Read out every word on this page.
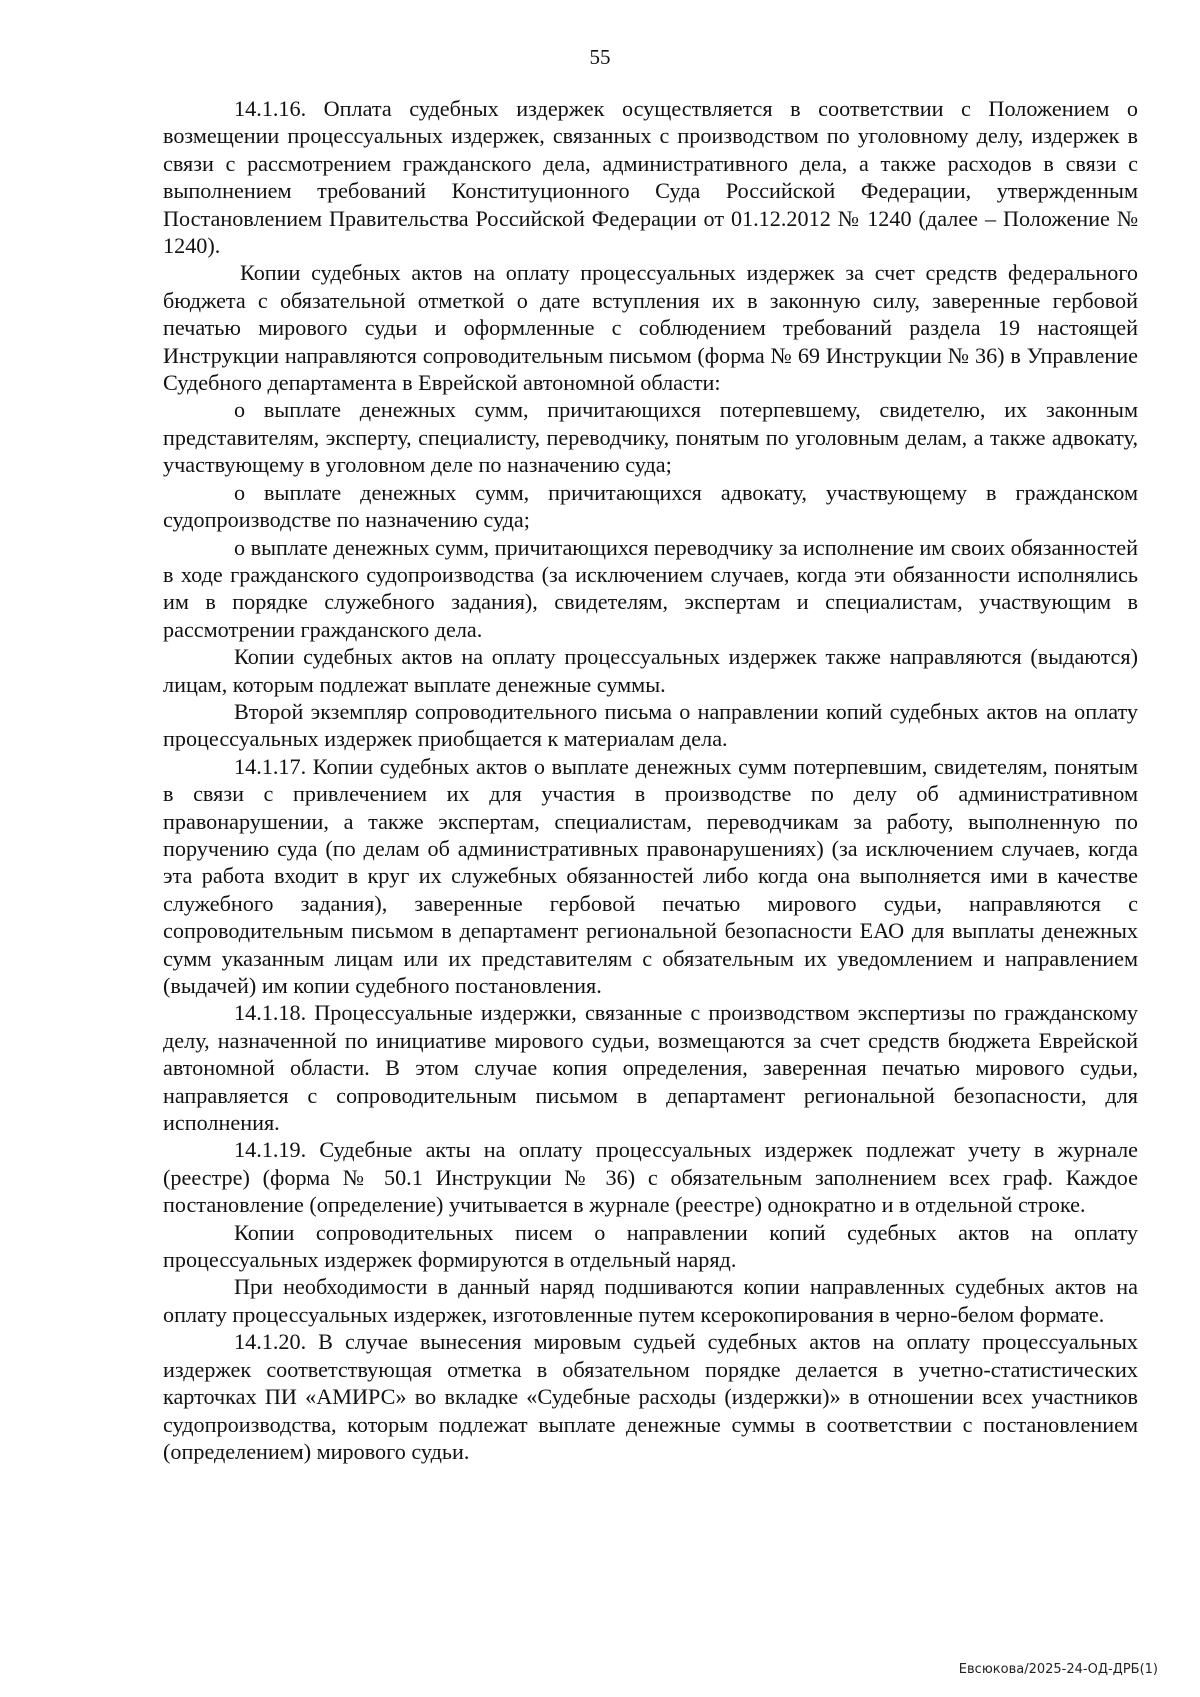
55

14.1.16. Оплата судебных издержек осуществляется в соответствии с Положением о возмещении процессуальных издержек, связанных с производством по уголовному делу, издержек в связи с рассмотрением гражданского дела, административного дела, а также расходов в связи с выполнением требований Конституционного Суда Российской Федерации, утвержденным Постановлением Правительства Российской Федерации от 01.12.2012 № 1240 (далее – Положение № 1240).

Копии судебных актов на оплату процессуальных издержек за счет средств федерального бюджета с обязательной отметкой о дате вступления их в законную силу, заверенные гербовой печатью мирового судьи и оформленные с соблюдением требований раздела 19 настоящей Инструкции направляются сопроводительным письмом (форма № 69 Инструкции № 36) в Управление Судебного департамента в Еврейской автономной области:

о выплате денежных сумм, причитающихся потерпевшему, свидетелю, их законным представителям, эксперту, специалисту, переводчику, понятым по уголовным делам, а также адвокату, участвующему в уголовном деле по назначению суда;

о выплате денежных сумм, причитающихся адвокату, участвующему в гражданском судопроизводстве по назначению суда;

о выплате денежных сумм, причитающихся переводчику за исполнение им своих обязанностей в ходе гражданского судопроизводства (за исключением случаев, когда эти обязанности исполнялись им в порядке служебного задания), свидетелям, экспертам и специалистам, участвующим в рассмотрении гражданского дела.

Копии судебных актов на оплату процессуальных издержек также направляются (выдаются) лицам, которым подлежат выплате денежные суммы.

Второй экземпляр сопроводительного письма о направлении копий судебных актов на оплату процессуальных издержек приобщается к материалам дела.

14.1.17. Копии судебных актов о выплате денежных сумм потерпевшим, свидетелям, понятым в связи с привлечением их для участия в производстве по делу об административном правонарушении, а также экспертам, специалистам, переводчикам за работу, выполненную по поручению суда (по делам об административных правонарушениях) (за исключением случаев, когда эта работа входит в круг их служебных обязанностей либо когда она выполняется ими в качестве служебного задания), заверенные гербовой печатью мирового судьи, направляются с сопроводительным письмом в департамент региональной безопасности ЕАО для выплаты денежных сумм указанным лицам или их представителям с обязательным их уведомлением и направлением (выдачей) им копии судебного постановления.

14.1.18. Процессуальные издержки, связанные с производством экспертизы по гражданскому делу, назначенной по инициативе мирового судьи, возмещаются за счет средств бюджета Еврейской автономной области. В этом случае копия определения, заверенная печатью мирового судьи, направляется с сопроводительным письмом в департамент региональной безопасности, для исполнения.

14.1.19. Судебные акты на оплату процессуальных издержек подлежат учету в журнале (реестре) (форма № 50.1 Инструкции № 36) с обязательным заполнением всех граф. Каждое постановление (определение) учитывается в журнале (реестре) однократно и в отдельной строке.

Копии сопроводительных писем о направлении копий судебных актов на оплату процессуальных издержек формируются в отдельный наряд.

При необходимости в данный наряд подшиваются копии направленных судебных актов на оплату процессуальных издержек, изготовленные путем ксерокопирования в черно-белом формате.

14.1.20. В случае вынесения мировым судьей судебных актов на оплату процессуальных издержек соответствующая отметка в обязательном порядке делается в учетно-статистических карточках ПИ «АМИРС» во вкладке «Судебные расходы (издержки)» в отношении всех участников судопроизводства, которым подлежат выплате денежные суммы в соответствии с постановлением (определением) мирового судьи.

Евсюкова/2025-24-ОД-ДРБ(1)
